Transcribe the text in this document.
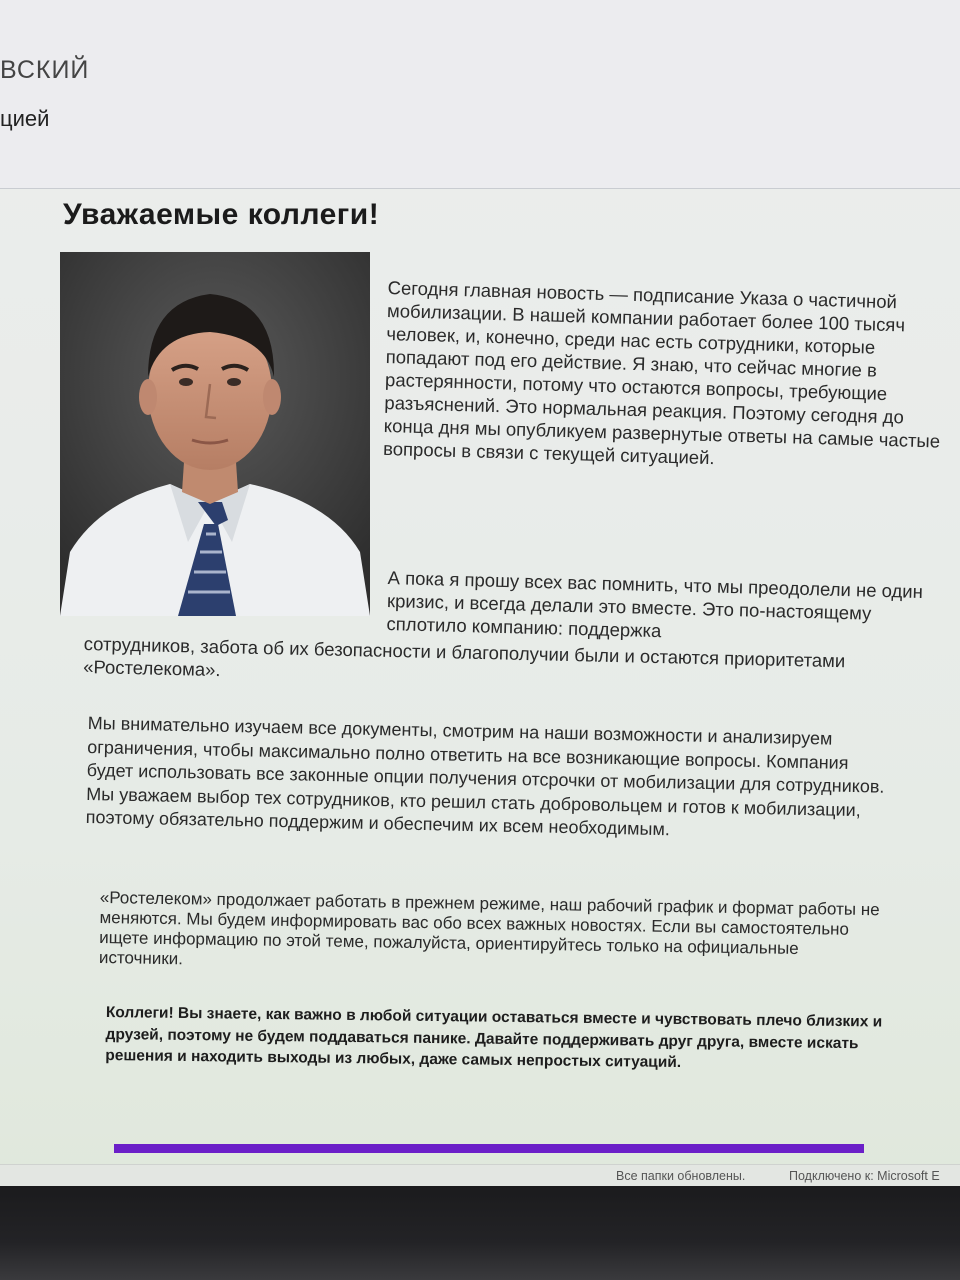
ВСКИЙ
цией
Уважаемые коллеги!
Сегодня главная новость — подписание Указа о частичной мобилизации. В нашей компании работает более 100 тысяч человек, и, конечно, среди нас есть сотрудники, которые попадают под его действие. Я знаю, что сейчас многие в растерянности, потому что остаются вопросы, требующие разъяснений. Это нормальная реакция. Поэтому сегодня до конца дня мы опубликуем развернутые ответы на самые частые вопросы в связи с текущей ситуацией.
А пока я прошу всех вас помнить, что мы преодолели не один кризис, и всегда делали это вместе. Это по-настоящему сплотило компанию: поддержка
сотрудников, забота об их безопасности и благополучии были и остаются приоритетами «Ростелекома».
Мы внимательно изучаем все документы, смотрим на наши возможности и анализируем ограничения, чтобы максимально полно ответить на все возникающие вопросы. Компания будет использовать все законные опции получения отсрочки от мобилизации для сотрудников. Мы уважаем выбор тех сотрудников, кто решил стать добровольцем и готов к мобилизации, поэтому обязательно поддержим и обеспечим их всем необходимым.
«Ростелеком» продолжает работать в прежнем режиме, наш рабочий график и формат работы не меняются. Мы будем информировать вас обо всех важных новостях. Если вы самостоятельно ищете информацию по этой теме, пожалуйста, ориентируйтесь только на официальные источники.
Коллеги! Вы знаете, как важно в любой ситуации оставаться вместе и чувствовать плечо близких и друзей, поэтому не будем поддаваться панике. Давайте поддерживать друг друга, вместе искать решения и находить выходы из любых, даже самых непростых ситуаций.
Все папки обновлены.	Подключено к: Microsoft E
